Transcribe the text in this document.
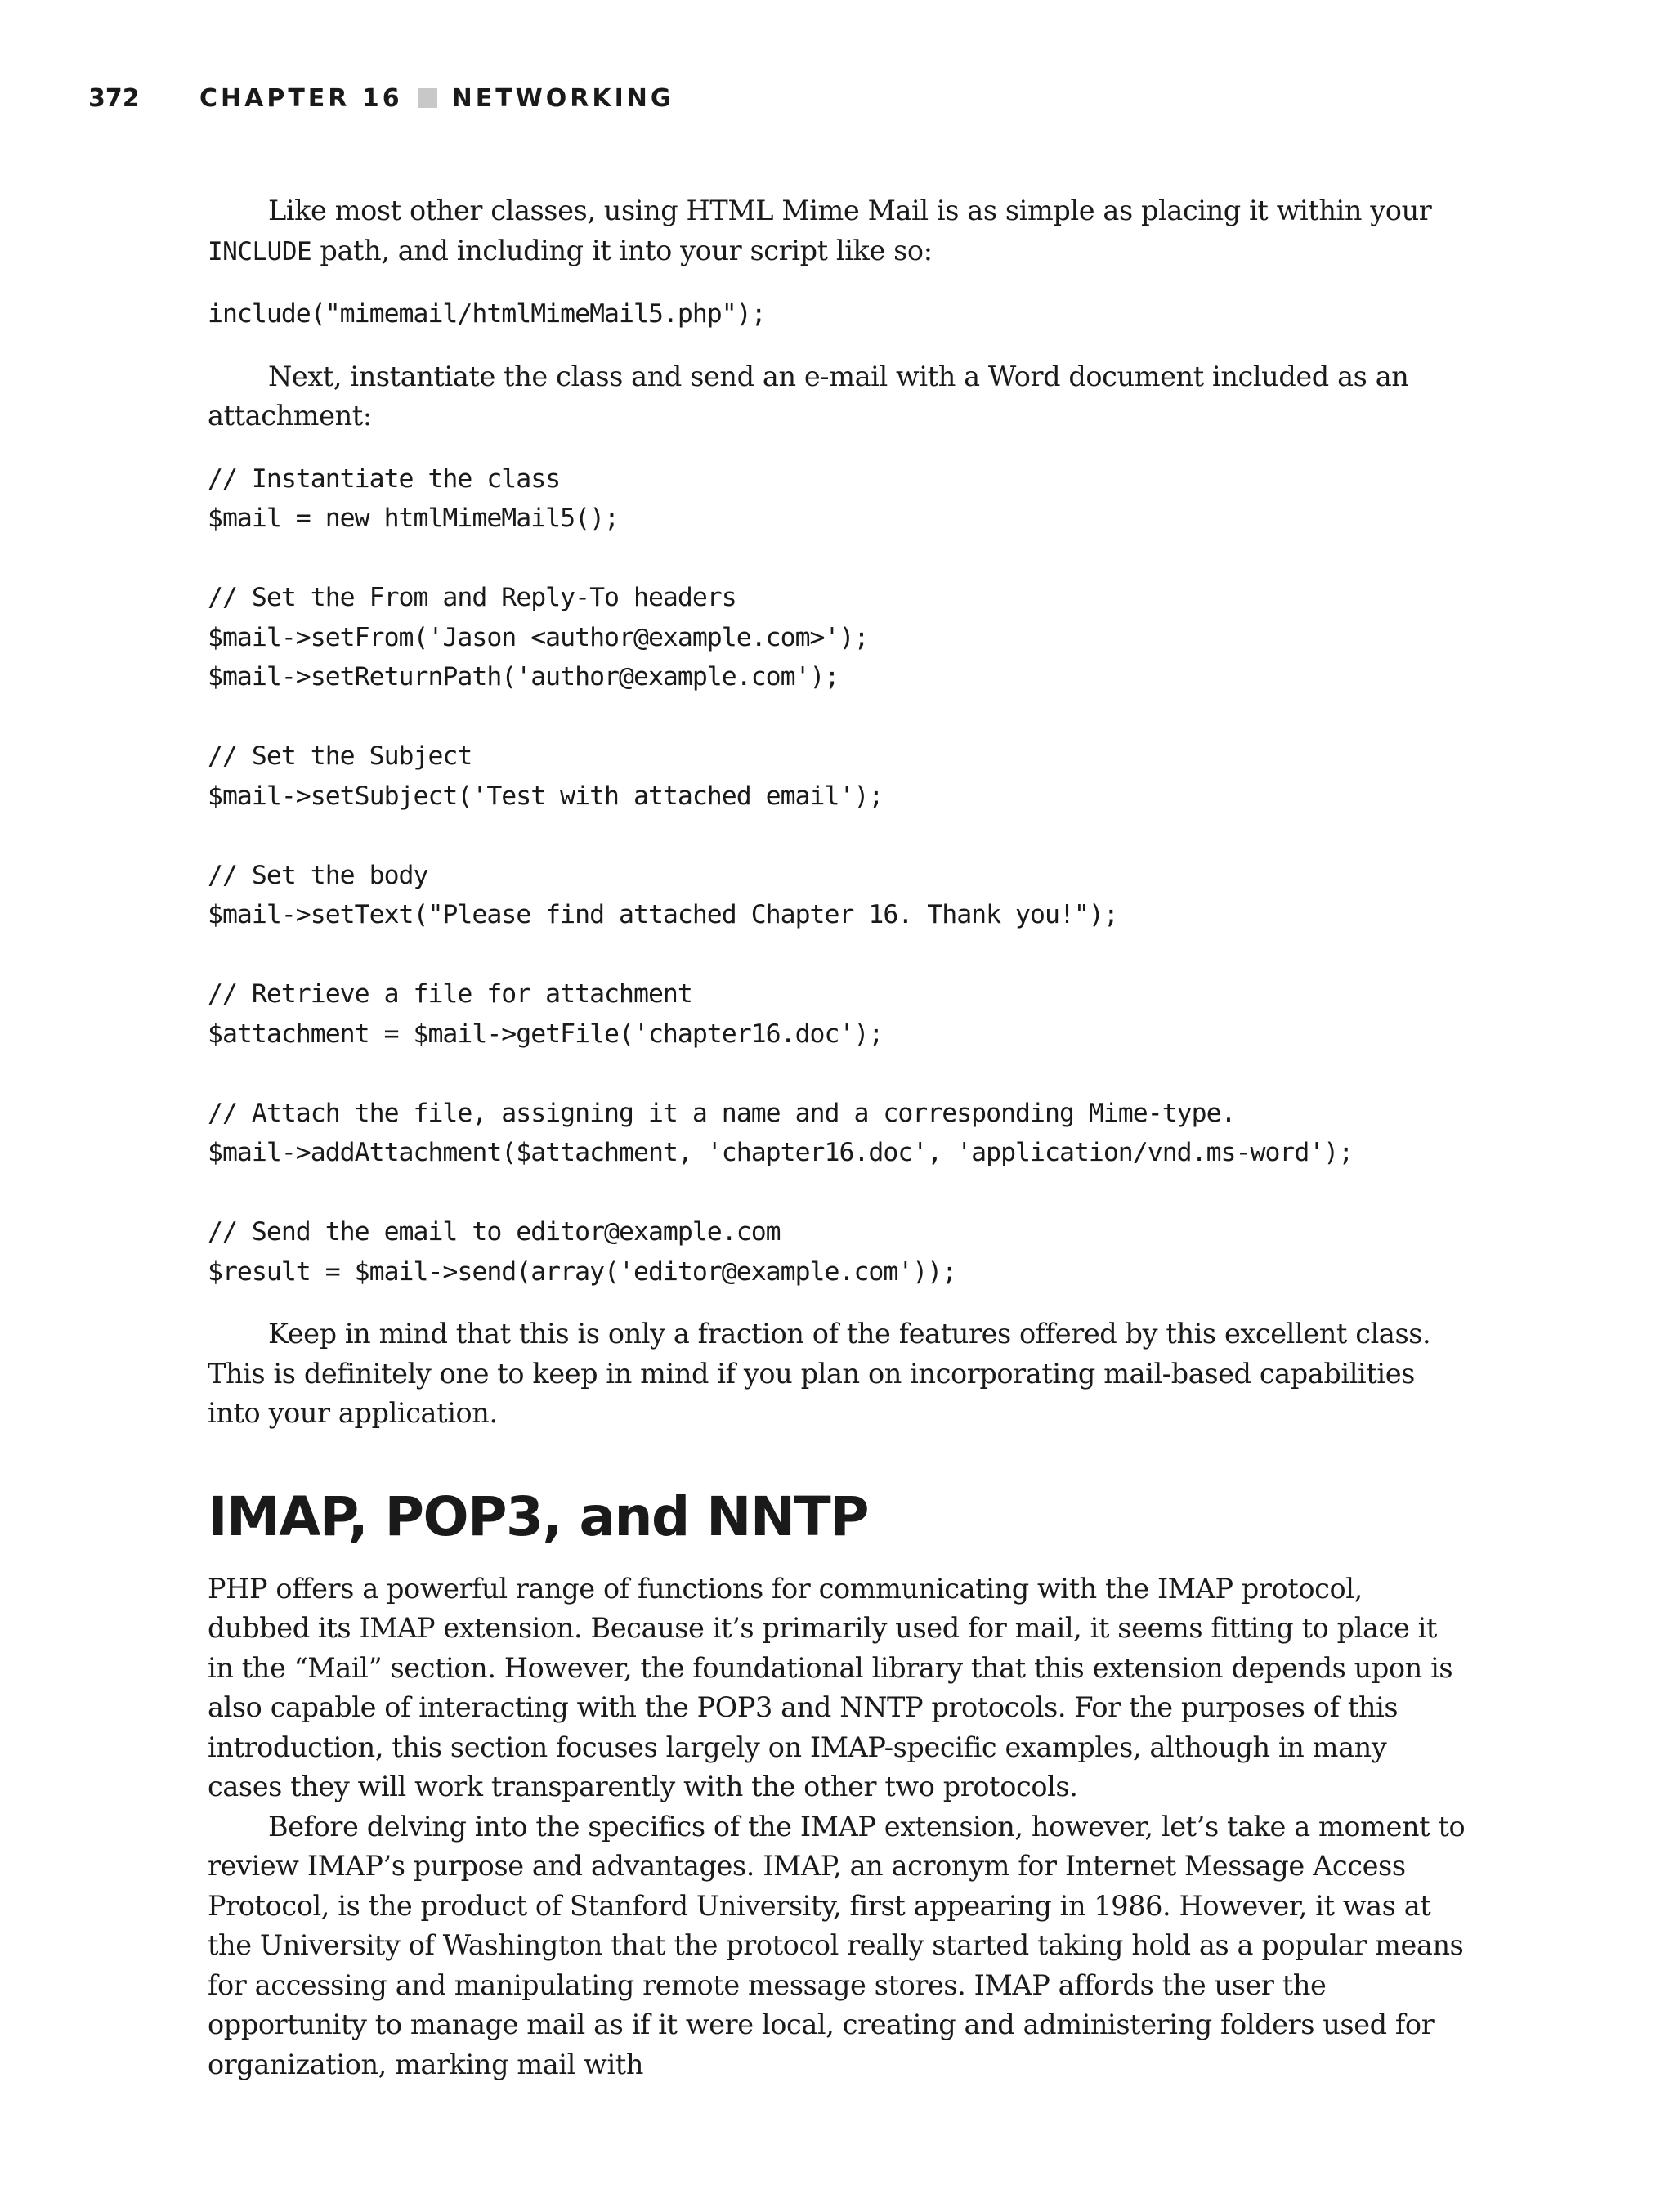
372	CHAPTER 16 NETWORKING

Like most other classes, using HTML Mime Mail is as simple as placing it within your INCLUDE path, and including it into your script like so:

include("mimemail/htmlMimeMail5.php");

Next, instantiate the class and send an e-mail with a Word document included as an attachment:

// Instantiate the class
$mail = new htmlMimeMail5();
// Set the From and Reply-To headers
$mail->setFrom('Jason <author@example.com>');
$mail->setReturnPath('author@example.com');
// Set the Subject
$mail->setSubject('Test with attached email');
// Set the body
$mail->setText("Please find attached Chapter 16. Thank you!");
// Retrieve a file for attachment
$attachment = $mail->getFile('chapter16.doc');
// Attach the file, assigning it a name and a corresponding Mime-type.
$mail->addAttachment($attachment, 'chapter16.doc', 'application/vnd.ms-word');
// Send the email to editor@example.com
$result = $mail->send(array('editor@example.com'));

Keep in mind that this is only a fraction of the features offered by this excellent class. This is definitely one to keep in mind if you plan on incorporating mail-based capabilities into your application.

IMAP, POP3, and NNTP

PHP offers a powerful range of functions for communicating with the IMAP protocol, dubbed its IMAP extension. Because it’s primarily used for mail, it seems fitting to place it in the “Mail” section. However, the foundational library that this extension depends upon is also capable of interacting with the POP3 and NNTP protocols. For the purposes of this introduction, this section focuses largely on IMAP-specific examples, although in many cases they will work transparently with the other two protocols.

Before delving into the specifics of the IMAP extension, however, let’s take a moment to review IMAP’s purpose and advantages. IMAP, an acronym for Internet Message Access Protocol, is the product of Stanford University, first appearing in 1986. However, it was at the University of Washington that the protocol really started taking hold as a popular means for accessing and manipulating remote message stores. IMAP affords the user the opportunity to manage mail as if it were local, creating and administering folders used for organization, marking mail with
